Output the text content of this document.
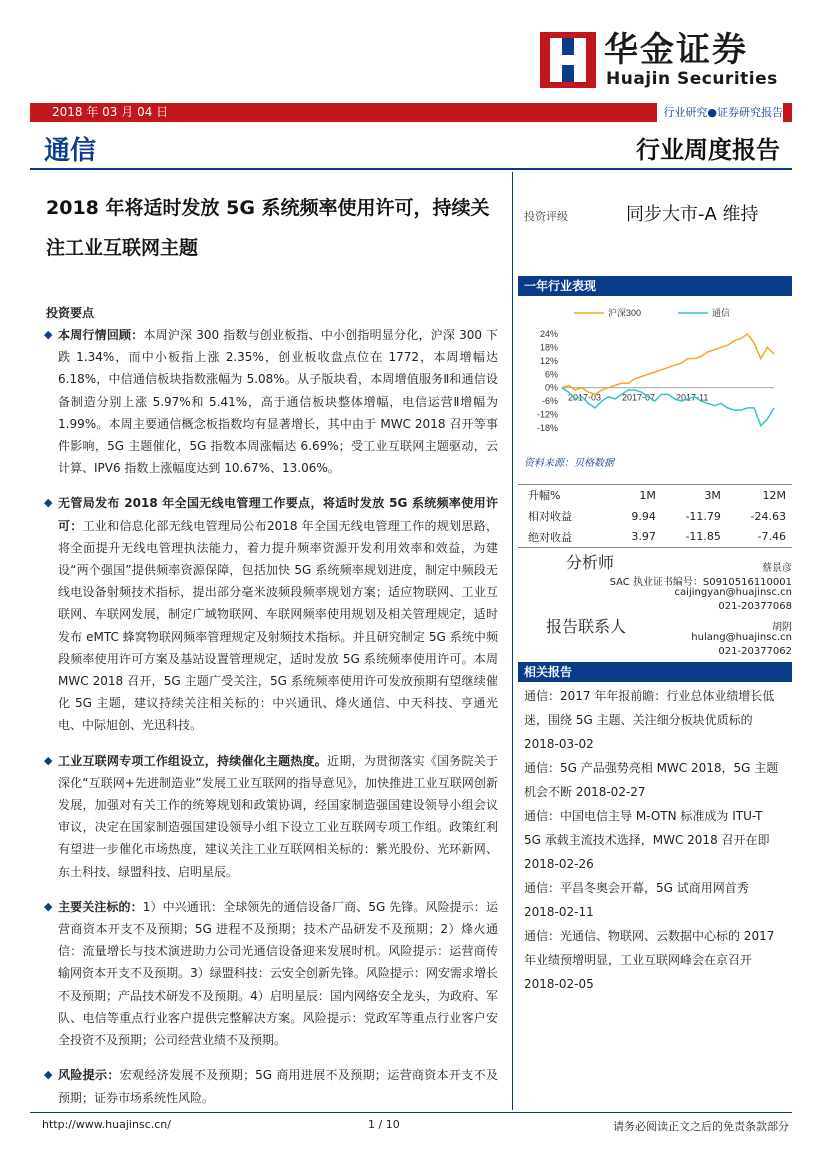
华金证券
Huajin Securities
2018 年 03 月 04 日	行业研究●证券研究报告
通信	行业周度报告
2018 年将适时发放 5G 系统频率使用许可，持续关注工业互联网主题
投资评级	同步大市-A 维持
投资要点
◆ 本周行情回顾：本周沪深 300 指数与创业板指、中小创指明显分化，沪深 300 下跌 1.34%，而中小板指上涨 2.35%，创业板收盘点位在 1772，本周增幅达 6.18%，中信通信板块指数涨幅为 5.08%。从子版块看，本周增值服务Ⅱ和通信设备制造分别上涨 5.97%和 5.41%，高于通信板块整体增幅，电信运营Ⅱ增幅为 1.99%。本周主要通信概念板指数均有显著增长，其中由于 MWC 2018 召开等事件影响，5G 主题催化，5G 指数本周涨幅达 6.69%；受工业互联网主题驱动，云计算、IPV6 指数上涨幅度达到 10.67%、13.06%。
◆ 无管局发布 2018 年全国无线电管理工作要点，将适时发放 5G 系统频率使用许可：工业和信息化部无线电管理局公布2018 年全国无线电管理工作的规划思路，将全面提升无线电管理执法能力，着力提升频率资源开发利用效率和效益，为建设“两个强国”提供频率资源保障，包括加快 5G 系统频率规划进度，制定中频段无线电设备射频技术指标，提出部分毫米波频段频率规划方案；适应物联网、工业互联网、车联网发展，制定广域物联网、车联网频率使用规划及相关管理规定，适时发布 eMTC 蜂窝物联网频率管理规定及射频技术指标。并且研究制定 5G 系统中频段频率使用许可方案及基站设置管理规定，适时发放 5G 系统频率使用许可。本周 MWC 2018 召开，5G 主题广受关注，5G 系统频率使用许可发放预期有望继续催化 5G 主题，建议持续关注相关标的：中兴通讯、烽火通信、中天科技、亨通光电、中际旭创、光迅科技。
◆ 工业互联网专项工作组设立，持续催化主题热度。近期，为贯彻落实《国务院关于深化“互联网+先进制造业”发展工业互联网的指导意见》，加快推进工业互联网创新发展，加强对有关工作的统筹规划和政策协调，经国家制造强国建设领导小组会议审议，决定在国家制造强国建设领导小组下设立工业互联网专项工作组。政策红利有望进一步催化市场热度，建议关注工业互联网相关标的：紫光股份、光环新网、东土科技、绿盟科技、启明星辰。
◆ 主要关注标的：1）中兴通讯：全球领先的通信设备厂商、5G 先锋。风险提示：运营商资本开支不及预期；5G 进程不及预期；技术产品研发不及预期；2）烽火通信：流量增长与技术演进助力公司光通信设备迎来发展时机。风险提示：运营商传输网资本开支不及预期。3）绿盟科技：云安全创新先锋。风险提示：网安需求增长不及预期；产品技术研发不及预期。4）启明星辰：国内网络安全龙头，为政府、军队、电信等重点行业客户提供完整解决方案。风险提示：党政军等重点行业客户安全投资不及预期；公司经营业绩不及预期。
◆ 风险提示：宏观经济发展不及预期；5G 商用进展不及预期；运营商资本开支不及预期；证券市场系统性风险。
一年行业表现
24%
18%
12%
6%
0%
-6%
-12%
-18%
2017-03 2017-07 2017-11
沪深300	通信
资料来源：贝格数据
升幅%	1M	3M	12M
相对收益	9.94	-11.79	-24.63
绝对收益	3.97	-11.85	-7.46
分析师	蔡景彦
SAC 执业证书编号：S0910516110001
caijingyan@huajinsc.cn
021-20377068
报告联系人	胡阴
hulang@huajinsc.cn
021-20377062
相关报告

通信：2017 年年报前瞻：行业总体业绩增长低迷，围绕 5G 主题、关注细分板块优质标的 2018-03-02

通信：5G 产品强势亮相 MWC 2018，5G 主题机会不断 2018-02-27

通信：中国电信主导 M-OTN 标准成为 ITU-T 5G 承载主流技术选择，MWC 2018 召开在即 2018-02-26

通信：平昌冬奥会开幕，5G 试商用网首秀 2018-02-11

通信：光通信、物联网、云数据中心标的 2017 年业绩预增明显，工业互联网峰会在京召开 2018-02-05

http://www.huajinsc.cn/	1 / 10	请务必阅读正文之后的免责条款部分
